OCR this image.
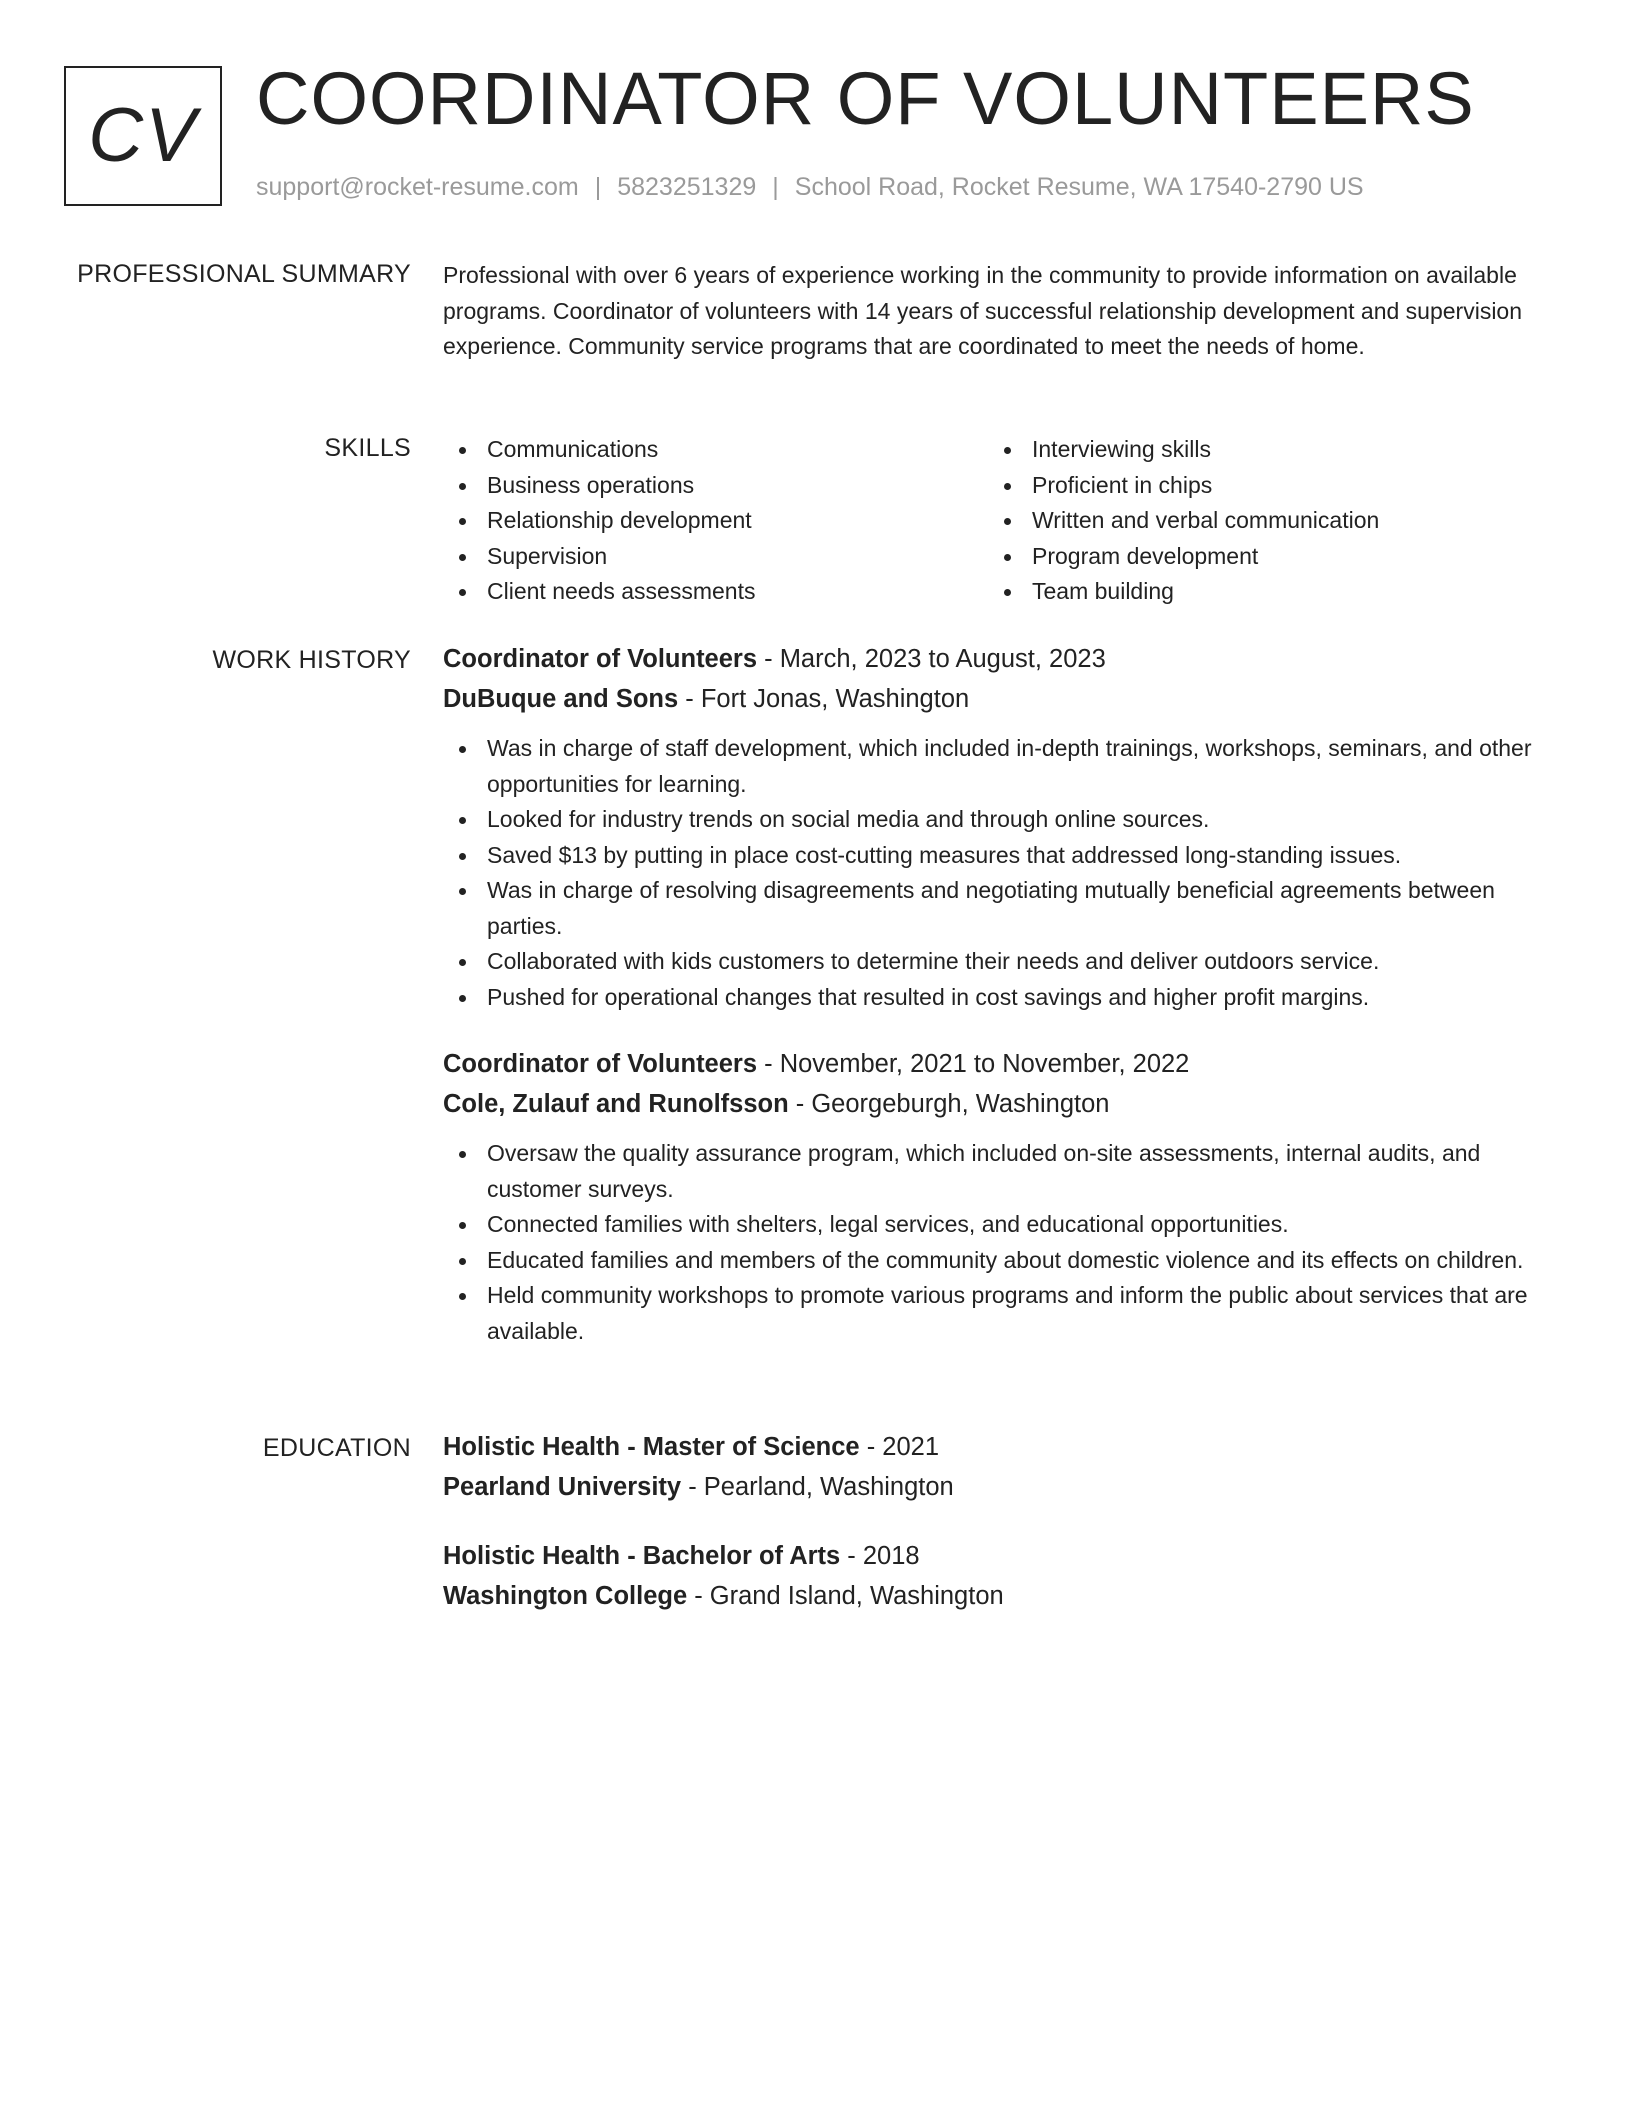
CV COORDINATOR OF VOLUNTEERS
support@rocket-resume.com | 5823251329 | School Road, Rocket Resume, WA 17540-2790 US
PROFESSIONAL SUMMARY Professional with over 6 years of experience working in the community to provide information on available programs. Coordinator of volunteers with 14 years of successful relationship development and supervision experience. Community service programs that are coordinated to meet the needs of home.

SKILLS	Communications
Business operations
Relationship development
Supervision
Client needs assessments
Interviewing skills
Proficient in chips
Written and verbal communication
Program development
Team building
WORK HISTORY Coordinator of Volunteers - March, 2023 to August, 2023
DuBuque and Sons - Fort Jonas, Washington
Was in charge of staff development, which included in-depth trainings, workshops, seminars, and other opportunities for learning.
Looked for industry trends on social media and through online sources.
Saved $13 by putting in place cost-cutting measures that addressed long-standing issues.
Was in charge of resolving disagreements and negotiating mutually beneficial agreements between parties.
Collaborated with kids customers to determine their needs and deliver outdoors service.
Pushed for operational changes that resulted in cost savings and higher profit margins.
Coordinator of Volunteers - November, 2021 to November, 2022
Cole, Zulauf and Runolfsson - Georgeburgh, Washington
Oversaw the quality assurance program, which included on-site assessments, internal audits, and customer surveys.
Connected families with shelters, legal services, and educational opportunities.
Educated families and members of the community about domestic violence and its effects on children.
Held community workshops to promote various programs and inform the public about services that are available.
EDUCATION Holistic Health - Master of Science - 2021
Pearland University - Pearland, Washington
Holistic Health - Bachelor of Arts - 2018
Washington College - Grand Island, Washington
